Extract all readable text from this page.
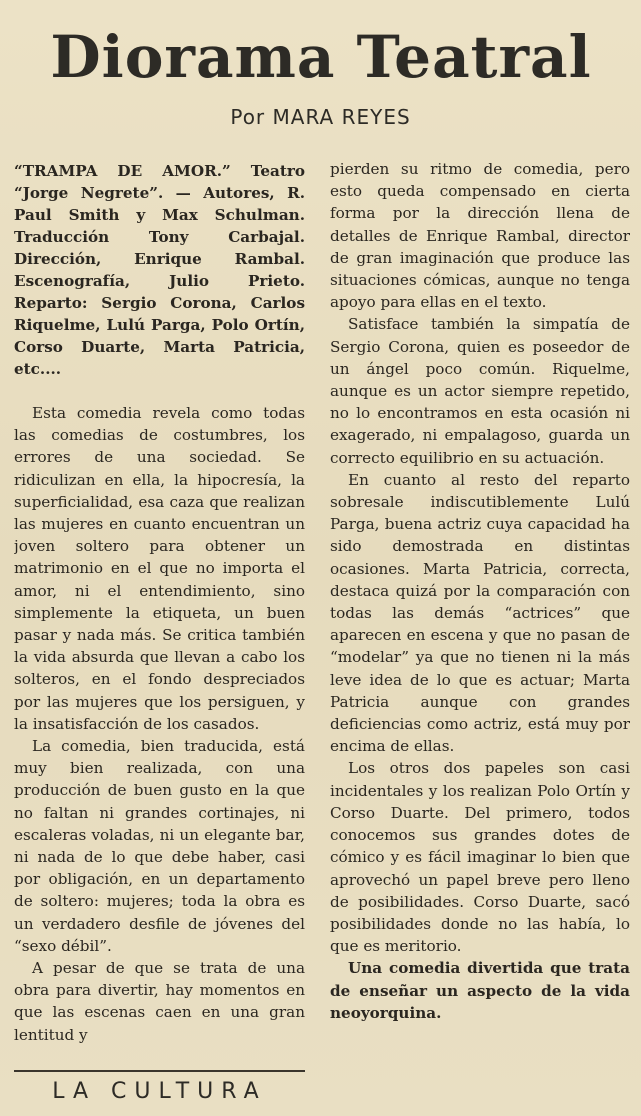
Diorama Teatral
Por MARA REYES

“TRAMPA DE AMOR.” Teatro “Jorge Negrete”. — Autores, R. Paul Smith y Max Schulman. Traducción Tony Carbajal. Dirección, Enrique Rambal. Escenografía, Julio Prieto. Reparto: Sergio Corona, Carlos Riquelme, Lulú Parga, Polo Ortín, Corso Duarte, Marta Patricia, etc....

Esta comedia revela como todas las comedias de costumbres, los errores de una sociedad. Se ridiculizan en ella, la hipocresía, la superficialidad, esa caza que realizan las mujeres en cuanto encuentran un joven soltero para obtener un matrimonio en el que no importa el amor, ni el entendimiento, sino simplemente la etiqueta, un buen pasar y nada más. Se critica también la vida absurda que llevan a cabo los solteros, en el fondo despreciados por las mujeres que los persiguen, y la insatisfacción de los casados.

La comedia, bien traducida, está muy bien realizada, con una producción de buen gusto en la que no faltan ni grandes cortinajes, ni escaleras voladas, ni un elegante bar, ni nada de lo que debe haber, casi por obligación, en un departamento de soltero: mujeres; toda la obra es un verdadero desfile de jóvenes del “sexo débil”.

A pesar de que se trata de una obra para divertir, hay momentos en que las escenas caen en una gran lentitud y

pierden su ritmo de comedia, pero esto queda compensado en cierta forma por la dirección llena de detalles de Enrique Rambal, director de gran imaginación que produce las situaciones cómicas, aunque no tenga apoyo para ellas en el texto.

Satisface también la simpatía de Sergio Corona, quien es poseedor de un ángel poco común. Riquelme, aunque es un actor siempre repetido, no lo encontramos en esta ocasión ni exagerado, ni empalagoso, guarda un correcto equilibrio en su actuación.

En cuanto al resto del reparto sobresale indiscutiblemente Lulú Parga, buena actriz cuya capacidad ha sido demostrada en distintas ocasiones. Marta Patricia, correcta, destaca quizá por la comparación con todas las demás “actrices” que aparecen en escena y que no pasan de “modelar” ya que no tienen ni la más leve idea de lo que es actuar; Marta Patricia aunque con grandes deficiencias como actriz, está muy por encima de ellas.

Los otros dos papeles son casi incidentales y los realizan Polo Ortín y Corso Duarte. Del primero, todos conocemos sus grandes dotes de cómico y es fácil imaginar lo bien que aprovechó un papel breve pero lleno de posibilidades. Corso Duarte, sacó posibilidades donde no las había, lo que es meritorio.

Una comedia divertida que trata de enseñar un aspecto de la vida neoyorquina.

LA CULTURA
